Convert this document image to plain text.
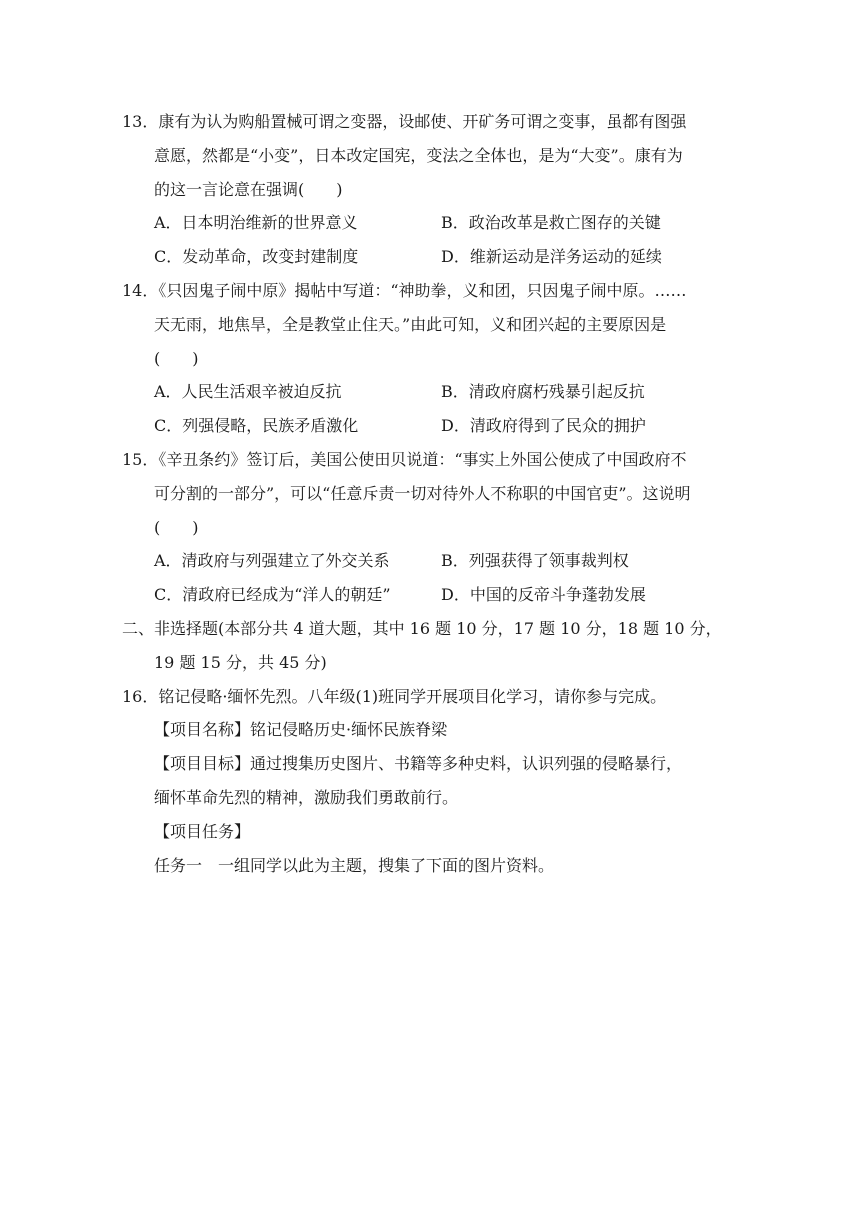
13．康有为认为购船置械可谓之变器，设邮使、开矿务可谓之变事，虽都有图强
意愿，然都是“小变”，日本改定国宪，变法之全体也，是为“大变”。康有为
的这一言论意在强调(　　)
A．日本明治维新的世界意义	B．政治改革是救亡图存的关键
C．发动革命，改变封建制度	D．维新运动是洋务运动的延续
14．《只因鬼子闹中原》揭帖中写道：“神助拳，义和团，只因鬼子闹中原。……
天无雨，地焦旱，全是教堂止住天。”由此可知，义和团兴起的主要原因是
(　　)
A．人民生活艰辛被迫反抗	B．清政府腐朽残暴引起反抗
C．列强侵略，民族矛盾激化	D．清政府得到了民众的拥护
15．《辛丑条约》签订后，美国公使田贝说道：“事实上外国公使成了中国政府不
可分割的一部分”，可以“任意斥责一切对待外人不称职的中国官吏”。这说明
(　　)
A．清政府与列强建立了外交关系	B．列强获得了领事裁判权
C．清政府已经成为“洋人的朝廷”	D．中国的反帝斗争蓬勃发展
二、非选择题(本部分共 4 道大题，其中 16 题 10 分，17 题 10 分，18 题 10 分，
19 题 15 分，共 45 分)
16．铭记侵略·缅怀先烈。八年级(1)班同学开展项目化学习，请你参与完成。
【项目名称】铭记侵略历史·缅怀民族脊梁
【项目目标】通过搜集历史图片、书籍等多种史料，认识列强的侵略暴行，
缅怀革命先烈的精神，激励我们勇敢前行。
【项目任务】
任务一　一组同学以此为主题，搜集了下面的图片资料。
